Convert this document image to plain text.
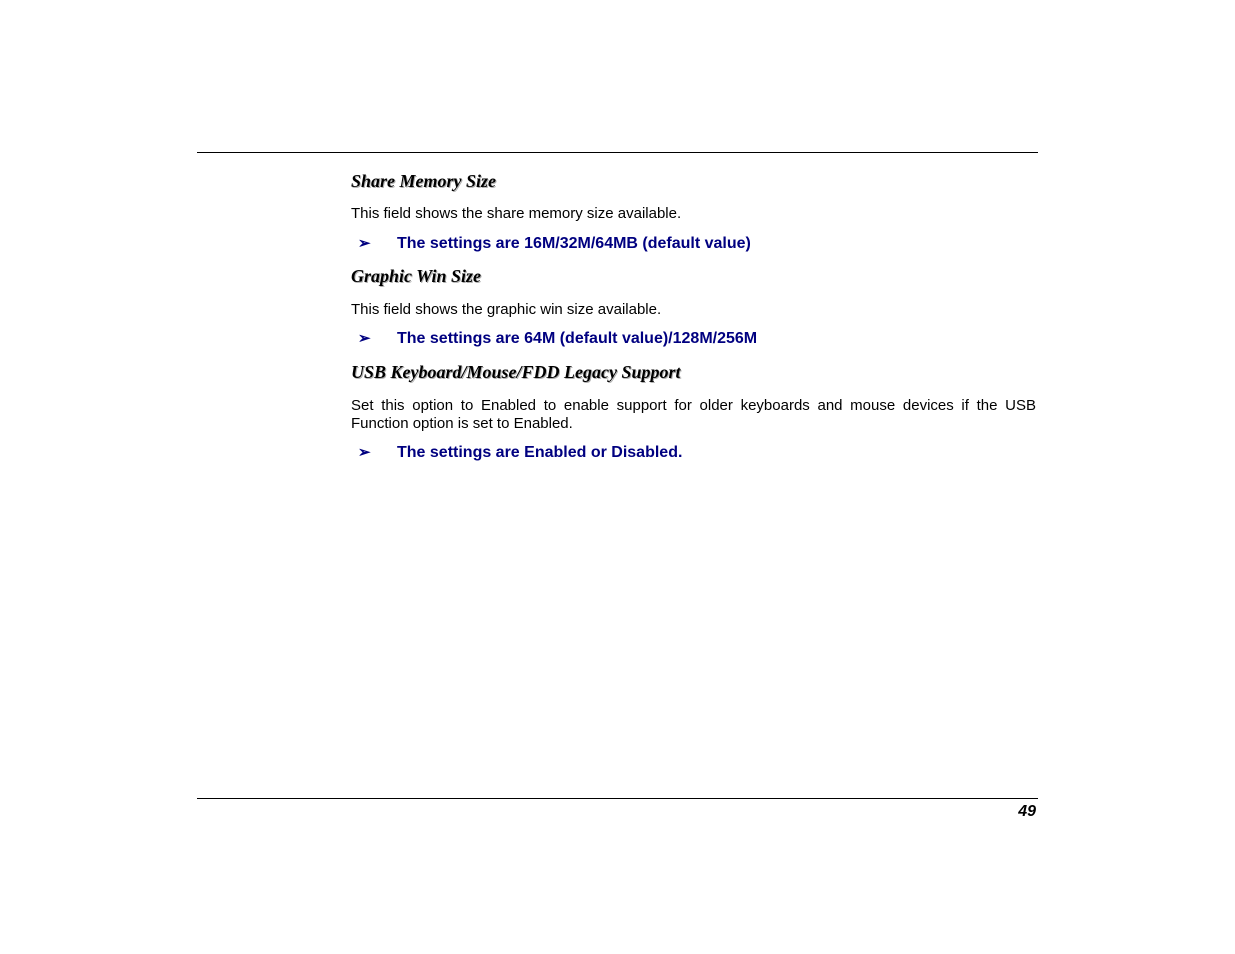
Share Memory Size

This field shows the share memory size available.

➢	The settings are 16M/32M/64MB (default value)

Graphic Win Size

This field shows the graphic win size available.

➢	The settings are 64M (default value)/128M/256M

USB Keyboard/Mouse/FDD Legacy Support

Set this option to Enabled to enable support for older keyboards and mouse devices if the USB Function option is set to Enabled.

➢	The settings are Enabled or Disabled.
49
